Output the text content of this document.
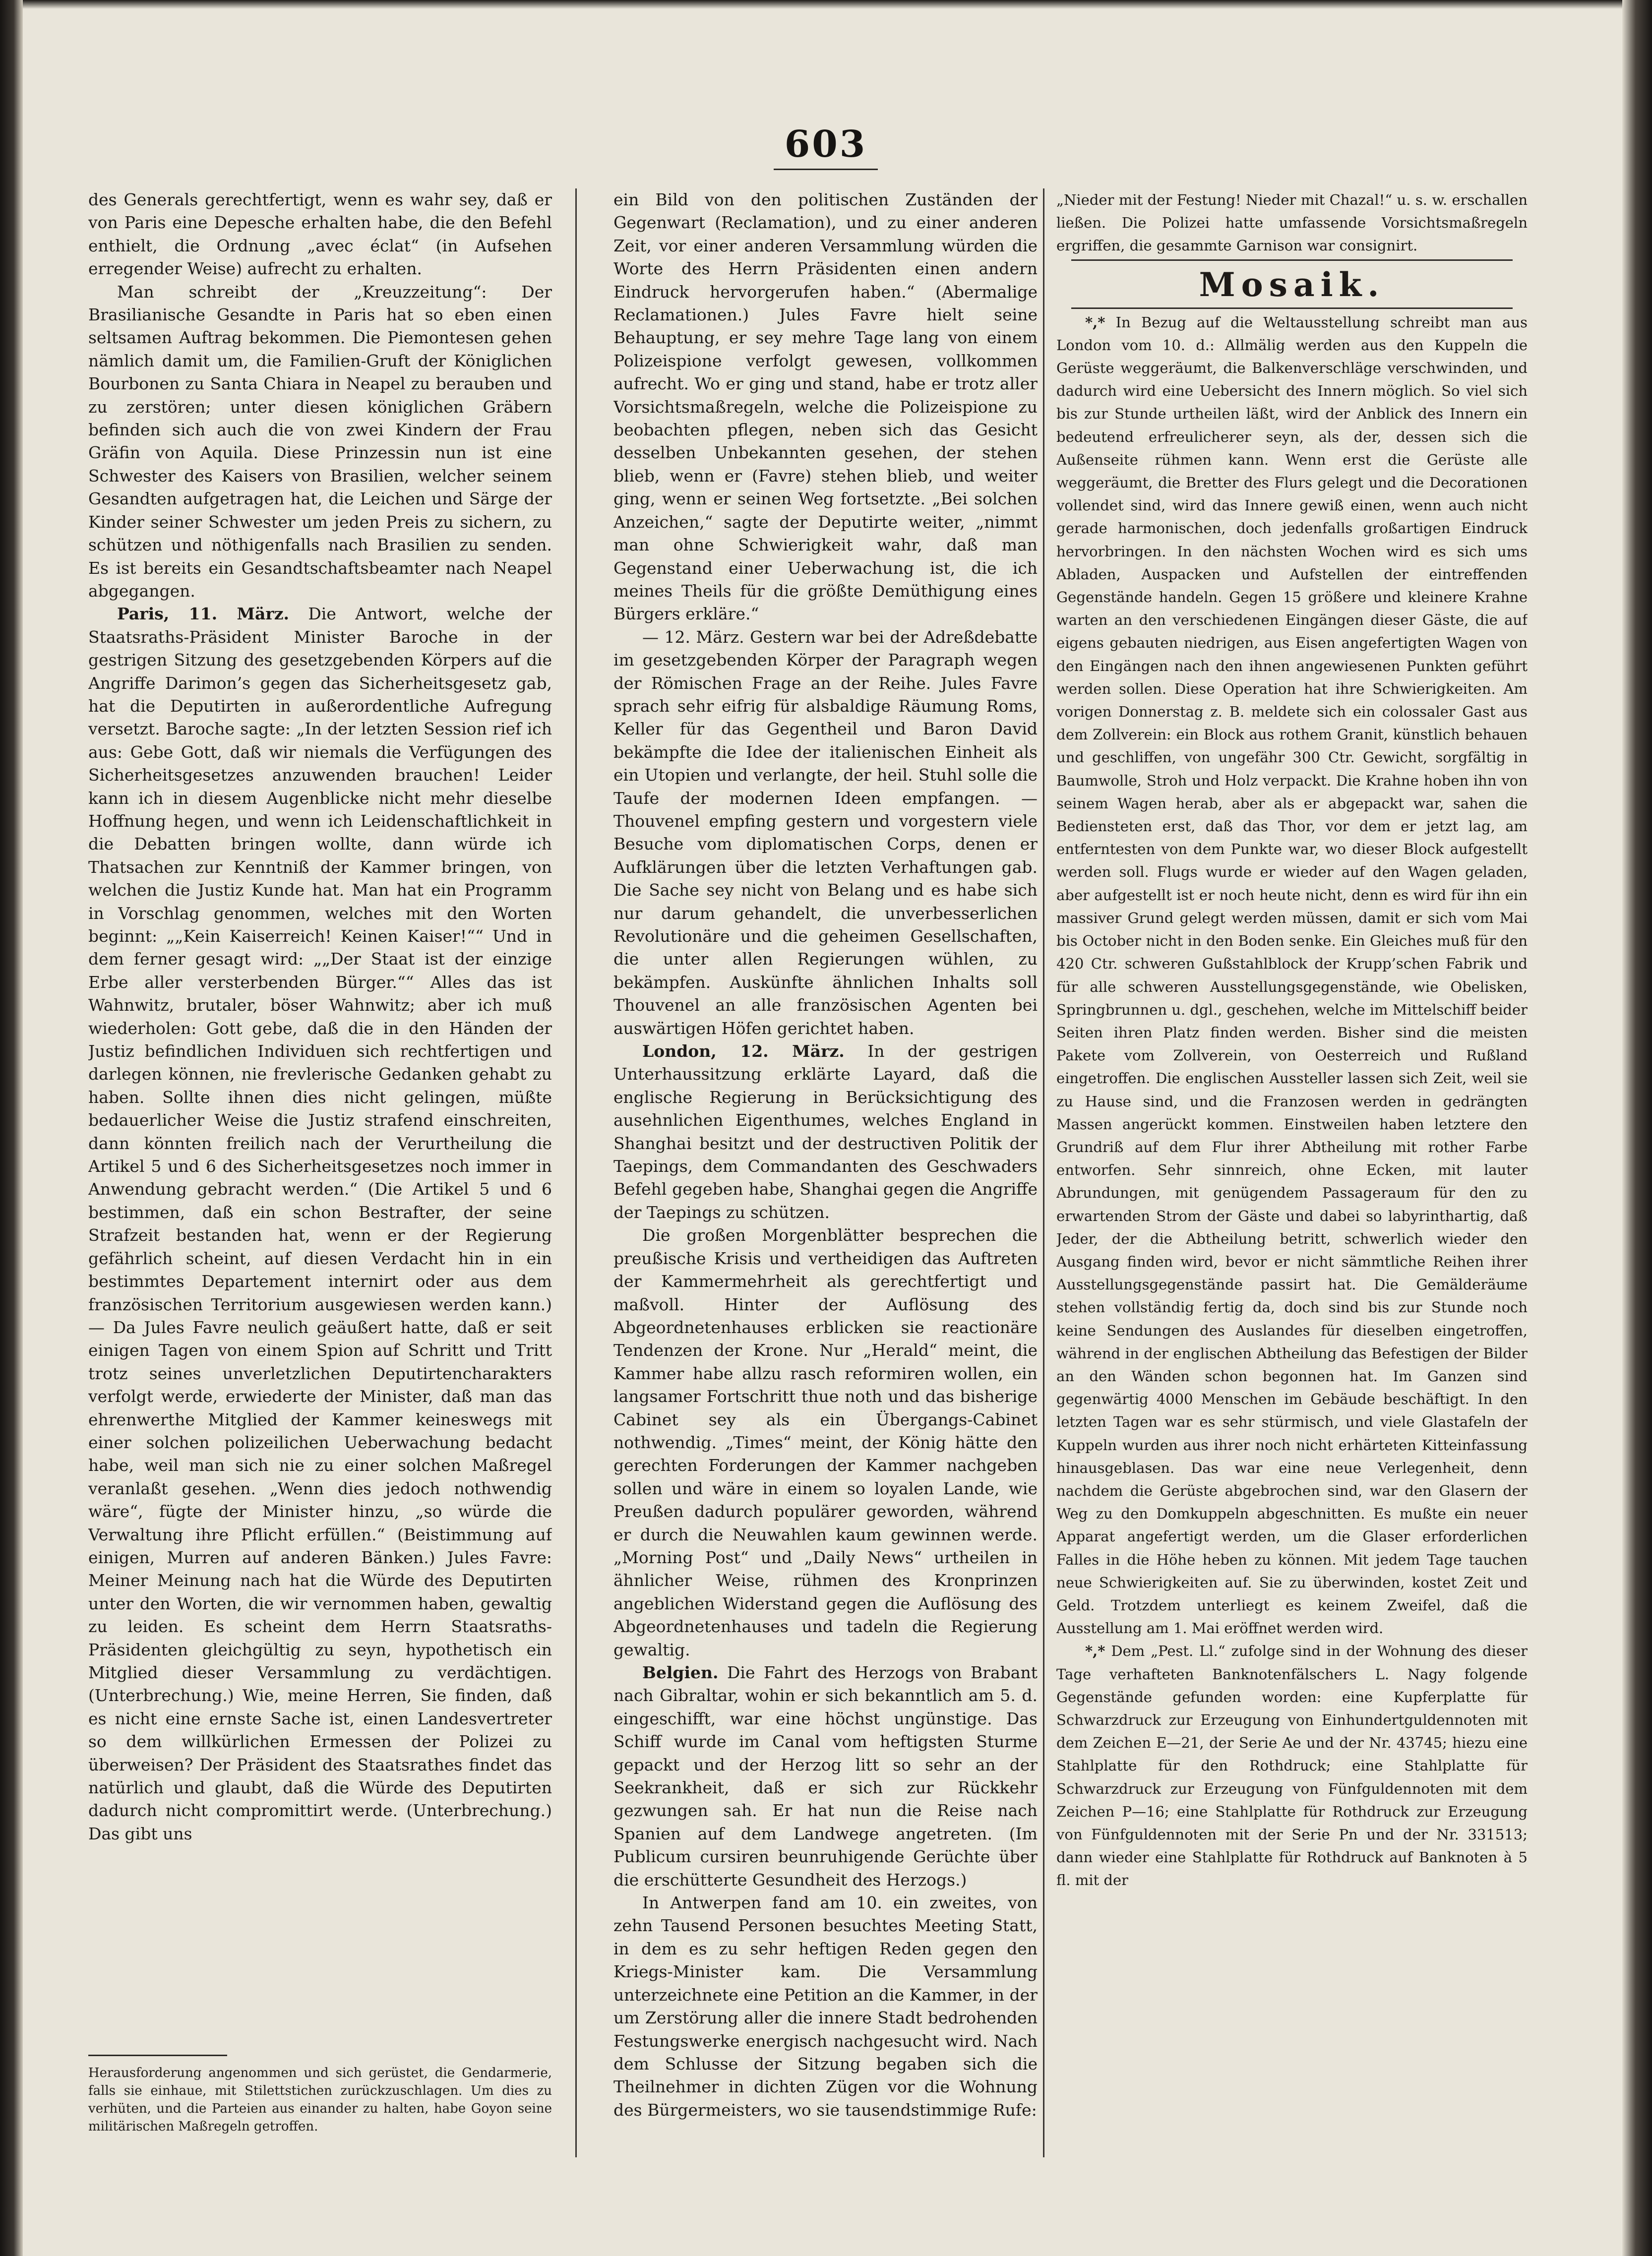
603

des Generals gerechtfertigt, wenn es wahr sey, daß er von Paris eine Depesche erhalten habe, die den Befehl enthielt, die Ordnung „avec éclat“ (in Aufsehen erregender Weise) aufrecht zu erhalten.

Man schreibt der „Kreuzzeitung“: Der Brasilianische Gesandte in Paris hat so eben einen seltsamen Auftrag bekommen. Die Piemontesen gehen nämlich damit um, die Familien-Gruft der Königlichen Bourbonen zu Santa Chiara in Neapel zu berauben und zu zerstören; unter diesen königlichen Gräbern befinden sich auch die von zwei Kindern der Frau Gräfin von Aquila. Diese Prinzessin nun ist eine Schwester des Kaisers von Brasilien, welcher seinem Gesandten aufgetragen hat, die Leichen und Särge der Kinder seiner Schwester um jeden Preis zu sichern, zu schützen und nöthigenfalls nach Brasilien zu senden. Es ist bereits ein Gesandtschaftsbeamter nach Neapel abgegangen.

Paris, 11. März. Die Antwort, welche der Staatsraths-Präsident Minister Baroche in der gestrigen Sitzung des gesetzgebenden Körpers auf die Angriffe Darimon’s gegen das Sicherheitsgesetz gab, hat die Deputirten in außerordentliche Aufregung versetzt. Baroche sagte: „In der letzten Session rief ich aus: Gebe Gott, daß wir niemals die Verfügungen des Sicherheitsgesetzes anzuwenden brauchen! Leider kann ich in diesem Augenblicke nicht mehr dieselbe Hoffnung hegen, und wenn ich Leidenschaftlichkeit in die Debatten bringen wollte, dann würde ich Thatsachen zur Kenntniß der Kammer bringen, von welchen die Justiz Kunde hat. Man hat ein Programm in Vorschlag genommen, welches mit den Worten beginnt: „„Kein Kaiserreich! Keinen Kaiser!““ Und in dem ferner gesagt wird: „„Der Staat ist der einzige Erbe aller versterbenden Bürger.““ Alles das ist Wahnwitz, brutaler, böser Wahnwitz; aber ich muß wiederholen: Gott gebe, daß die in den Händen der Justiz befindlichen Individuen sich rechtfertigen und darlegen können, nie frevlerische Gedanken gehabt zu haben. Sollte ihnen dies nicht gelingen, müßte bedauerlicher Weise die Justiz strafend einschreiten, dann könnten freilich nach der Verurtheilung die Artikel 5 und 6 des Sicherheitsgesetzes noch immer in Anwendung gebracht werden.“ (Die Artikel 5 und 6 bestimmen, daß ein schon Bestrafter, der seine Strafzeit bestanden hat, wenn er der Regierung gefährlich scheint, auf diesen Verdacht hin in ein bestimmtes Departement internirt oder aus dem französischen Territorium ausgewiesen werden kann.) — Da Jules Favre neulich geäußert hatte, daß er seit einigen Tagen von einem Spion auf Schritt und Tritt trotz seines unverletzlichen Deputirtencharakters verfolgt werde, erwiederte der Minister, daß man das ehrenwerthe Mitglied der Kammer keineswegs mit einer solchen polizeilichen Ueberwachung bedacht habe, weil man sich nie zu einer solchen Maßregel veranlaßt gesehen. „Wenn dies jedoch nothwendig wäre“, fügte der Minister hinzu, „so würde die Verwaltung ihre Pflicht erfüllen.“ (Beistimmung auf einigen, Murren auf anderen Bänken.) Jules Favre: Meiner Meinung nach hat die Würde des Deputirten unter den Worten, die wir vernommen haben, gewaltig zu leiden. Es scheint dem Herrn Staatsraths-Präsidenten gleichgültig zu seyn, hypothetisch ein Mitglied dieser Versammlung zu verdächtigen. (Unterbrechung.) Wie, meine Herren, Sie finden, daß es nicht eine ernste Sache ist, einen Landesvertreter so dem willkürlichen Ermessen der Polizei zu überweisen? Der Präsident des Staatsrathes findet das natürlich und glaubt, daß die Würde des Deputirten dadurch nicht compromittirt werde. (Unterbrechung.) Das gibt uns

Herausforderung angenommen und sich gerüstet, die Gendarmerie, falls sie einhaue, mit Stilettstichen zurückzuschlagen. Um dies zu verhüten, und die Parteien aus einander zu halten, habe Goyon seine militärischen Maßregeln getroffen.

ein Bild von den politischen Zuständen der Gegenwart (Reclamation), und zu einer anderen Zeit, vor einer anderen Versammlung würden die Worte des Herrn Präsidenten einen andern Eindruck hervorgerufen haben.“ (Abermalige Reclamationen.) Jules Favre hielt seine Behauptung, er sey mehre Tage lang von einem Polizeispione verfolgt gewesen, vollkommen aufrecht. Wo er ging und stand, habe er trotz aller Vorsichtsmaßregeln, welche die Polizeispione zu beobachten pflegen, neben sich das Gesicht desselben Unbekannten gesehen, der stehen blieb, wenn er (Favre) stehen blieb, und weiter ging, wenn er seinen Weg fortsetzte. „Bei solchen Anzeichen,“ sagte der Deputirte weiter, „nimmt man ohne Schwierigkeit wahr, daß man Gegenstand einer Ueberwachung ist, die ich meines Theils für die größte Demüthigung eines Bürgers erkläre.“

— 12. März. Gestern war bei der Adreßdebatte im gesetzgebenden Körper der Paragraph wegen der Römischen Frage an der Reihe. Jules Favre sprach sehr eifrig für alsbaldige Räumung Roms, Keller für das Gegentheil und Baron David bekämpfte die Idee der italienischen Einheit als ein Utopien und verlangte, der heil. Stuhl solle die Taufe der modernen Ideen empfangen. — Thouvenel empfing gestern und vorgestern viele Besuche vom diplomatischen Corps, denen er Aufklärungen über die letzten Verhaftungen gab. Die Sache sey nicht von Belang und es habe sich nur darum gehandelt, die unverbesserlichen Revolutionäre und die geheimen Gesellschaften, die unter allen Regierungen wühlen, zu bekämpfen. Auskünfte ähnlichen Inhalts soll Thouvenel an alle französischen Agenten bei auswärtigen Höfen gerichtet haben.

London, 12. März. In der gestrigen Unterhaussitzung erklärte Layard, daß die englische Regierung in Berücksichtigung des ausehnlichen Eigenthumes, welches England in Shanghai besitzt und der destructiven Politik der Taepings, dem Commandanten des Geschwaders Befehl gegeben habe, Shanghai gegen die Angriffe der Taepings zu schützen.

Die großen Morgenblätter besprechen die preußische Krisis und vertheidigen das Auftreten der Kammermehrheit als gerechtfertigt und maßvoll. Hinter der Auflösung des Abgeordnetenhauses erblicken sie reactionäre Tendenzen der Krone. Nur „Herald“ meint, die Kammer habe allzu rasch reformiren wollen, ein langsamer Fortschritt thue noth und das bisherige Cabinet sey als ein Übergangs-Cabinet nothwendig. „Times“ meint, der König hätte den gerechten Forderungen der Kammer nachgeben sollen und wäre in einem so loyalen Lande, wie Preußen dadurch populärer geworden, während er durch die Neuwahlen kaum gewinnen werde. „Morning Post“ und „Daily News“ urtheilen in ähnlicher Weise, rühmen des Kronprinzen angeblichen Widerstand gegen die Auflösung des Abgeordnetenhauses und tadeln die Regierung gewaltig.

Belgien. Die Fahrt des Herzogs von Brabant nach Gibraltar, wohin er sich bekanntlich am 5. d. eingeschifft, war eine höchst ungünstige. Das Schiff wurde im Canal vom heftigsten Sturme gepackt und der Herzog litt so sehr an der Seekrankheit, daß er sich zur Rückkehr gezwungen sah. Er hat nun die Reise nach Spanien auf dem Landwege angetreten. (Im Publicum cursiren beunruhigende Gerüchte über die erschütterte Gesundheit des Herzogs.)

In Antwerpen fand am 10. ein zweites, von zehn Tausend Personen besuchtes Meeting Statt, in dem es zu sehr heftigen Reden gegen den Kriegs-Minister kam. Die Versammlung unterzeichnete eine Petition an die Kammer, in der um Zerstörung aller die innere Stadt bedrohenden Festungswerke energisch nachgesucht wird. Nach dem Schlusse der Sitzung begaben sich die Theilnehmer in dichten Zügen vor die Wohnung des Bürgermeisters, wo sie tausendstimmige Rufe:

„Nieder mit der Festung! Nieder mit Chazal!“ u. s. w. erschallen ließen. Die Polizei hatte umfassende Vorsichtsmaßregeln ergriffen, die gesammte Garnison war consignirt.

Mosaik.

*,* In Bezug auf die Weltausstellung schreibt man aus London vom 10. d.: Allmälig werden aus den Kuppeln die Gerüste weggeräumt, die Balkenverschläge verschwinden, und dadurch wird eine Uebersicht des Innern möglich. So viel sich bis zur Stunde urtheilen läßt, wird der Anblick des Innern ein bedeutend erfreulicherer seyn, als der, dessen sich die Außenseite rühmen kann. Wenn erst die Gerüste alle weggeräumt, die Bretter des Flurs gelegt und die Decorationen vollendet sind, wird das Innere gewiß einen, wenn auch nicht gerade harmonischen, doch jedenfalls großartigen Eindruck hervorbringen. In den nächsten Wochen wird es sich ums Abladen, Auspacken und Aufstellen der eintreffenden Gegenstände handeln. Gegen 15 größere und kleinere Krahne warten an den verschiedenen Eingängen dieser Gäste, die auf eigens gebauten niedrigen, aus Eisen angefertigten Wagen von den Eingängen nach den ihnen angewiesenen Punkten geführt werden sollen. Diese Operation hat ihre Schwierigkeiten. Am vorigen Donnerstag z. B. meldete sich ein colossaler Gast aus dem Zollverein: ein Block aus rothem Granit, künstlich behauen und geschliffen, von ungefähr 300 Ctr. Gewicht, sorgfältig in Baumwolle, Stroh und Holz verpackt. Die Krahne hoben ihn von seinem Wagen herab, aber als er abgepackt war, sahen die Bediensteten erst, daß das Thor, vor dem er jetzt lag, am entferntesten von dem Punkte war, wo dieser Block aufgestellt werden soll. Flugs wurde er wieder auf den Wagen geladen, aber aufgestellt ist er noch heute nicht, denn es wird für ihn ein massiver Grund gelegt werden müssen, damit er sich vom Mai bis October nicht in den Boden senke. Ein Gleiches muß für den 420 Ctr. schweren Gußstahlblock der Krupp’schen Fabrik und für alle schweren Ausstellungsgegenstände, wie Obelisken, Springbrunnen u. dgl., geschehen, welche im Mittelschiff beider Seiten ihren Platz finden werden. Bisher sind die meisten Pakete vom Zollverein, von Oesterreich und Rußland eingetroffen. Die englischen Aussteller lassen sich Zeit, weil sie zu Hause sind, und die Franzosen werden in gedrängten Massen angerückt kommen. Einstweilen haben letztere den Grundriß auf dem Flur ihrer Abtheilung mit rother Farbe entworfen. Sehr sinnreich, ohne Ecken, mit lauter Abrundungen, mit genügendem Passageraum für den zu erwartenden Strom der Gäste und dabei so labyrinthartig, daß Jeder, der die Abtheilung betritt, schwerlich wieder den Ausgang finden wird, bevor er nicht sämmtliche Reihen ihrer Ausstellungsgegenstände passirt hat. Die Gemälderäume stehen vollständig fertig da, doch sind bis zur Stunde noch keine Sendungen des Auslandes für dieselben eingetroffen, während in der englischen Abtheilung das Befestigen der Bilder an den Wänden schon begonnen hat. Im Ganzen sind gegenwärtig 4000 Menschen im Gebäude beschäftigt. In den letzten Tagen war es sehr stürmisch, und viele Glastafeln der Kuppeln wurden aus ihrer noch nicht erhärteten Kitteinfassung hinausgeblasen. Das war eine neue Verlegenheit, denn nachdem die Gerüste abgebrochen sind, war den Glasern der Weg zu den Domkuppeln abgeschnitten. Es mußte ein neuer Apparat angefertigt werden, um die Glaser erforderlichen Falles in die Höhe heben zu können. Mit jedem Tage tauchen neue Schwierigkeiten auf. Sie zu überwinden, kostet Zeit und Geld. Trotzdem unterliegt es keinem Zweifel, daß die Ausstellung am 1. Mai eröffnet werden wird.

*,* Dem „Pest. Ll.“ zufolge sind in der Wohnung des dieser Tage verhafteten Banknotenfälschers L. Nagy folgende Gegenstände gefunden worden: eine Kupferplatte für Schwarzdruck zur Erzeugung von Einhundertguldennoten mit dem Zeichen E—21, der Serie Ae und der Nr. 43745; hiezu eine Stahlplatte für den Rothdruck; eine Stahlplatte für Schwarzdruck zur Erzeugung von Fünfguldennoten mit dem Zeichen P—16; eine Stahlplatte für Rothdruck zur Erzeugung von Fünfguldennoten mit der Serie Pn und der Nr. 331513; dann wieder eine Stahlplatte für Rothdruck auf Banknoten à 5 fl. mit der
